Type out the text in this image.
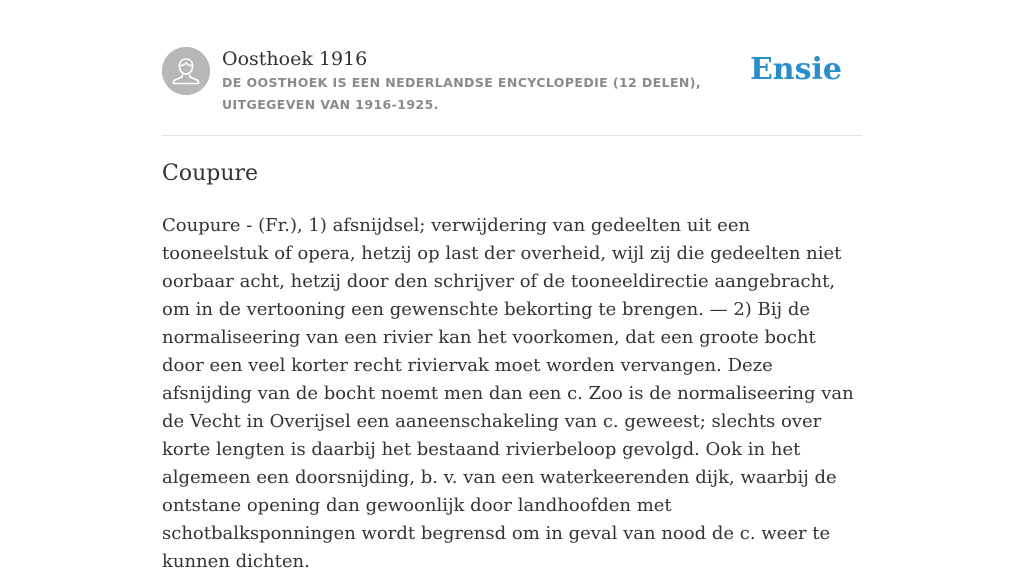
Oosthoek 1916
DE OOSTHOEK IS EEN NEDERLANDSE ENCYCLOPEDIE (12 DELEN), UITGEGEVEN VAN 1916-1925.
Ensie
Coupure

Coupure - (Fr.), 1) afsnijdsel; verwijdering van gedeelten uit een tooneelstuk of opera, hetzij op last der overheid, wijl zij die gedeelten niet oorbaar acht, hetzij door den schrijver of de tooneeldirectie aangebracht, om in de vertooning een gewenschte bekorting te brengen. — 2) Bij de normaliseering van een rivier kan het voorkomen, dat een groote bocht door een veel korter recht riviervak moet worden vervangen. Deze afsnijding van de bocht noemt men dan een c. Zoo is de normaliseering van de Vecht in Overijsel een aaneenschakeling van c. geweest; slechts over korte lengten is daarbij het bestaand rivierbeloop gevolgd. Ook in het algemeen een doorsnijding, b. v. van een waterkeerenden dijk, waarbij de ontstane opening dan gewoonlijk door landhoofden met schotbalksponningen wordt begrensd om in geval van nood de c. weer te kunnen dichten.
